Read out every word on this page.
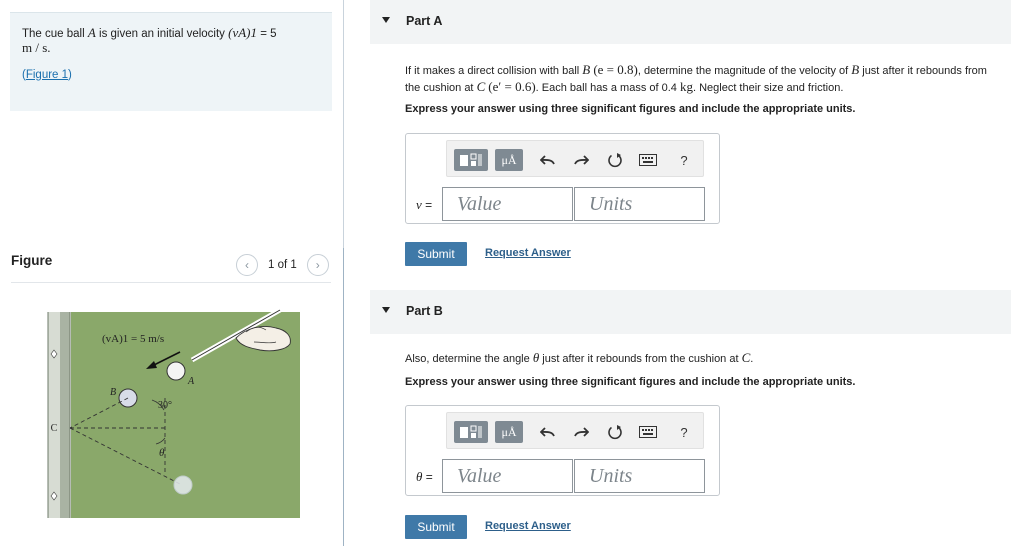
The cue ball A is given an initial velocity (vA)1 = 5
m / s.
(Figure 1)
Figure	‹	1 of 1	›
C
(vA)1 = 5 m/s
A
B
30°
θ
Part A
If it makes a direct collision with ball B (e = 0.8), determine the magnitude of the velocity of B just after it rebounds from the cushion at C (e′ = 0.6). Each ball has a mass of 0.4 kg. Neglect their size and friction.
Express your answer using three significant figures and include the appropriate units.
μÅ	?
v =	Value	Units
Submit	Request Answer
Part B
Also, determine the angle θ just after it rebounds from the cushion at C.
Express your answer using three significant figures and include the appropriate units.
μÅ	?
θ =	Value	Units
Submit	Request Answer
